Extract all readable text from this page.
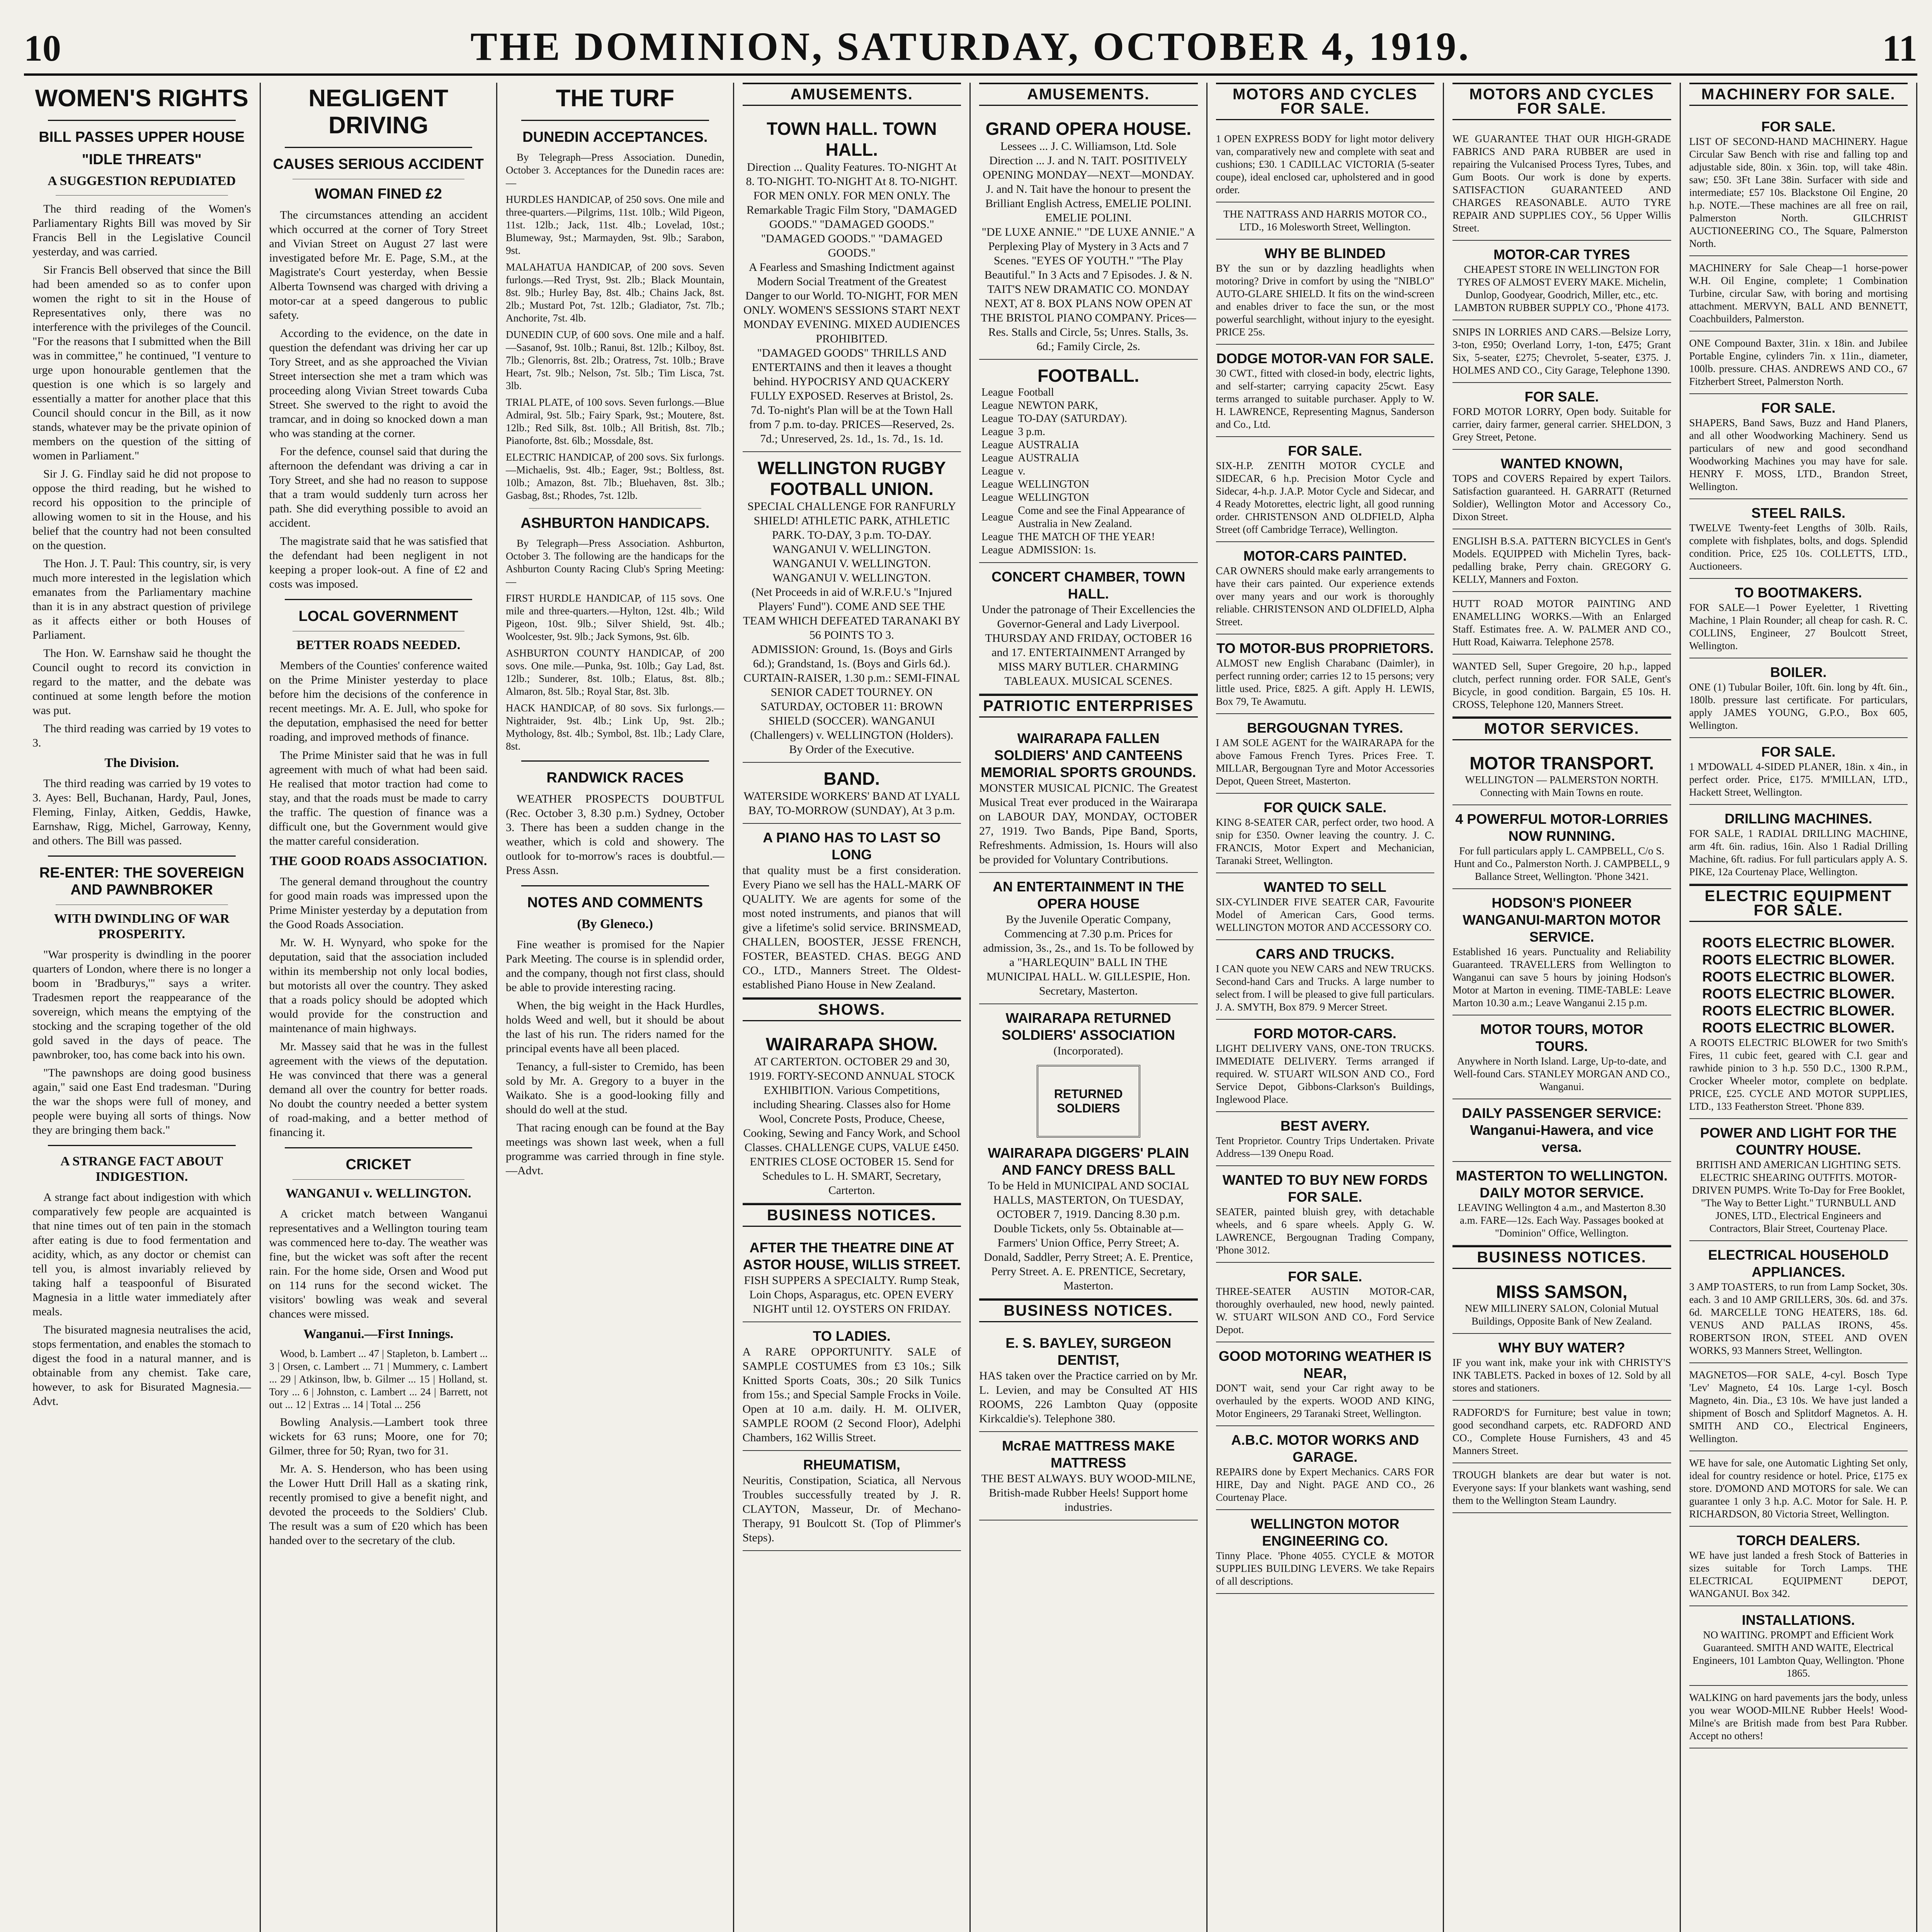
10	THE DOMINION, SATURDAY, OCTOBER 4, 1919.	11
WOMEN'S RIGHTS
BILL PASSES UPPER HOUSE
"IDLE THREATS"
A SUGGESTION REPUDIATED

The third reading of the Women's Parliamentary Rights Bill was moved by Sir Francis Bell in the Legislative Council yesterday, and was carried.

Sir Francis Bell observed that since the Bill had been amended so as to confer upon women the right to sit in the House of Representatives only, there was no interference with the privileges of the Council. "For the reasons that I submitted when the Bill was in committee," he continued, "I venture to urge upon honourable gentlemen that the question is one which is so largely and essentially a matter for another place that this Council should concur in the Bill, as it now stands, whatever may be the private opinion of members on the question of the sitting of women in Parliament."

Sir J. G. Findlay said he did not propose to oppose the third reading, but he wished to record his opposition to the principle of allowing women to sit in the House, and his belief that the country had not been consulted on the question.

The Hon. J. T. Paul: This country, sir, is very much more interested in the legislation which emanates from the Parliamentary machine than it is in any abstract question of privilege as it affects either or both Houses of Parliament.

The Hon. W. Earnshaw said he thought the Council ought to record its conviction in regard to the matter, and the debate was continued at some length before the motion was put.

The third reading was carried by 19 votes to 3.

The Division.

The third reading was carried by 19 votes to 3. Ayes: Bell, Buchanan, Hardy, Paul, Jones, Fleming, Finlay, Aitken, Geddis, Hawke, Earnshaw, Rigg, Michel, Garroway, Kenny, and others. The Bill was passed.

RE-ENTER: THE SOVEREIGN AND PAWNBROKER
WITH DWINDLING OF WAR PROSPERITY.

"War prosperity is dwindling in the poorer quarters of London, where there is no longer a boom in 'Bradburys,'" says a writer. Tradesmen report the reappearance of the sovereign, which means the emptying of the stocking and the scraping together of the old gold saved in the days of peace. The pawnbroker, too, has come back into his own.

"The pawnshops are doing good business again," said one East End tradesman. "During the war the shops were full of money, and people were buying all sorts of things. Now they are bringing them back."

A STRANGE FACT ABOUT INDIGESTION.

A strange fact about indigestion with which comparatively few people are acquainted is that nine times out of ten pain in the stomach after eating is due to food fermentation and acidity, which, as any doctor or chemist can tell you, is almost invariably relieved by taking half a teaspoonful of Bisurated Magnesia in a little water immediately after meals.

The bisurated magnesia neutralises the acid, stops fermentation, and enables the stomach to digest the food in a natural manner, and is obtainable from any chemist. Take care, however, to ask for Bisurated Magnesia.—Advt.

NEGLIGENT DRIVING
CAUSES SERIOUS ACCIDENT
WOMAN FINED £2

The circumstances attending an accident which occurred at the corner of Tory Street and Vivian Street on August 27 last were investigated before Mr. E. Page, S.M., at the Magistrate's Court yesterday, when Bessie Alberta Townsend was charged with driving a motor-car at a speed dangerous to public safety.

According to the evidence, on the date in question the defendant was driving her car up Tory Street, and as she approached the Vivian Street intersection she met a tram which was proceeding along Vivian Street towards Cuba Street. She swerved to the right to avoid the tramcar, and in doing so knocked down a man who was standing at the corner.

For the defence, counsel said that during the afternoon the defendant was driving a car in Tory Street, and she had no reason to suppose that a tram would suddenly turn across her path. She did everything possible to avoid an accident.

The magistrate said that he was satisfied that the defendant had been negligent in not keeping a proper look-out. A fine of £2 and costs was imposed.

LOCAL GOVERNMENT
BETTER ROADS NEEDED.

Members of the Counties' conference waited on the Prime Minister yesterday to place before him the decisions of the conference in recent meetings. Mr. A. E. Jull, who spoke for the deputation, emphasised the need for better roading, and improved methods of finance.

The Prime Minister said that he was in full agreement with much of what had been said. He realised that motor traction had come to stay, and that the roads must be made to carry the traffic. The question of finance was a difficult one, but the Government would give the matter careful consideration.

THE GOOD ROADS ASSOCIATION.

The general demand throughout the country for good main roads was impressed upon the Prime Minister yesterday by a deputation from the Good Roads Association.

Mr. W. H. Wynyard, who spoke for the deputation, said that the association included within its membership not only local bodies, but motorists all over the country. They asked that a roads policy should be adopted which would provide for the construction and maintenance of main highways.

Mr. Massey said that he was in the fullest agreement with the views of the deputation. He was convinced that there was a general demand all over the country for better roads. No doubt the country needed a better system of road-making, and a better method of financing it.

CRICKET
WANGANUI v. WELLINGTON.

A cricket match between Wanganui representatives and a Wellington touring team was commenced here to-day. The weather was fine, but the wicket was soft after the recent rain. For the home side, Orsen and Wood put on 114 runs for the second wicket. The visitors' bowling was weak and several chances were missed.

Wanganui.—First Innings.

Wood, b. Lambert ... 47 | Stapleton, b. Lambert ... 3 | Orsen, c. Lambert ... 71 | Mummery, c. Lambert ... 29 | Atkinson, lbw, b. Gilmer ... 15 | Holland, st. Tory ... 6 | Johnston, c. Lambert ... 24 | Barrett, not out ... 12 | Extras ... 14 | Total ... 256

Bowling Analysis.—Lambert took three wickets for 63 runs; Moore, one for 70; Gilmer, three for 50; Ryan, two for 31.

Mr. A. S. Henderson, who has been using the Lower Hutt Drill Hall as a skating rink, recently promised to give a benefit night, and devoted the proceeds to the Soldiers' Club. The result was a sum of £20 which has been handed over to the secretary of the club.

THE TURF
DUNEDIN ACCEPTANCES.

By Telegraph—Press Association. Dunedin, October 3. Acceptances for the Dunedin races are:—

HURDLES HANDICAP, of 250 sovs. One mile and three-quarters.—Pilgrims, 11st. 10lb.; Wild Pigeon, 11st. 12lb.; Jack, 11st. 4lb.; Lovelad, 10st.; Blumeway, 9st.; Marmayden, 9st. 9lb.; Sarabon, 9st.
MALAHATUA HANDICAP, of 200 sovs. Seven furlongs.—Red Tryst, 9st. 2lb.; Black Mountain, 8st. 9lb.; Hurley Bay, 8st. 4lb.; Chains Jack, 8st. 2lb.; Mustard Pot, 7st. 12lb.; Gladiator, 7st. 7lb.; Anchorite, 7st. 4lb.
DUNEDIN CUP, of 600 sovs. One mile and a half.—Sasanof, 9st. 10lb.; Ranui, 8st. 12lb.; Kilboy, 8st. 7lb.; Glenorris, 8st. 2lb.; Oratress, 7st. 10lb.; Brave Heart, 7st. 9lb.; Nelson, 7st. 5lb.; Tim Lisca, 7st. 3lb.
TRIAL PLATE, of 100 sovs. Seven furlongs.—Blue Admiral, 9st. 5lb.; Fairy Spark, 9st.; Moutere, 8st. 12lb.; Red Silk, 8st. 10lb.; All British, 8st. 7lb.; Pianoforte, 8st. 6lb.; Mossdale, 8st.
ELECTRIC HANDICAP, of 200 sovs. Six furlongs.—Michaelis, 9st. 4lb.; Eager, 9st.; Boltless, 8st. 10lb.; Amazon, 8st. 7lb.; Bluehaven, 8st. 3lb.; Gasbag, 8st.; Rhodes, 7st. 12lb.
ASHBURTON HANDICAPS.

By Telegraph—Press Association. Ashburton, October 3. The following are the handicaps for the Ashburton County Racing Club's Spring Meeting:—

FIRST HURDLE HANDICAP, of 115 sovs. One mile and three-quarters.—Hylton, 12st. 4lb.; Wild Pigeon, 10st. 9lb.; Silver Shield, 9st. 4lb.; Woolcester, 9st. 9lb.; Jack Symons, 9st. 6lb.
ASHBURTON COUNTY HANDICAP, of 200 sovs. One mile.—Punka, 9st. 10lb.; Gay Lad, 8st. 12lb.; Sunderer, 8st. 10lb.; Elatus, 8st. 8lb.; Almaron, 8st. 5lb.; Royal Star, 8st. 3lb.
HACK HANDICAP, of 80 sovs. Six furlongs.—Nightraider, 9st. 4lb.; Link Up, 9st. 2lb.; Mythology, 8st. 4lb.; Symbol, 8st. 1lb.; Lady Clare, 8st.
RANDWICK RACES

WEATHER PROSPECTS DOUBTFUL (Rec. October 3, 8.30 p.m.) Sydney, October 3. There has been a sudden change in the weather, which is cold and showery. The outlook for to-morrow's races is doubtful.—Press Assn.

NOTES AND COMMENTS
(By Gleneco.)

Fine weather is promised for the Napier Park Meeting. The course is in splendid order, and the company, though not first class, should be able to provide interesting racing.

When, the big weight in the Hack Hurdles, holds Weed and well, but it should be about the last of his run. The riders named for the principal events have all been placed.

Tenancy, a full-sister to Cremido, has been sold by Mr. A. Gregory to a buyer in the Waikato. She is a good-looking filly and should do well at the stud.

That racing enough can be found at the Bay meetings was shown last week, when a full programme was carried through in fine style.—Advt.

AMUSEMENTS.
TOWN HALL. TOWN HALL.
Direction ... Quality Features. TO-NIGHT At 8. TO-NIGHT. TO-NIGHT At 8. TO-NIGHT. FOR MEN ONLY. FOR MEN ONLY. The Remarkable Tragic Film Story, "DAMAGED GOODS." "DAMAGED GOODS." "DAMAGED GOODS." "DAMAGED GOODS."
A Fearless and Smashing Indictment against Modern Social Treatment of the Greatest Danger to our World. TO-NIGHT, FOR MEN ONLY. WOMEN'S SESSIONS START NEXT MONDAY EVENING. MIXED AUDIENCES PROHIBITED.
"DAMAGED GOODS" THRILLS AND ENTERTAINS and then it leaves a thought behind. HYPOCRISY AND QUACKERY FULLY EXPOSED. Reserves at Bristol, 2s. 7d. To-night's Plan will be at the Town Hall from 7 p.m. to-day. PRICES—Reserved, 2s. 7d.; Unreserved, 2s. 1d., 1s. 7d., 1s. 1d.
WELLINGTON RUGBY FOOTBALL UNION.
SPECIAL CHALLENGE FOR RANFURLY SHIELD! ATHLETIC PARK, ATHLETIC PARK. TO-DAY, 3 p.m. TO-DAY. WANGANUI V. WELLINGTON. WANGANUI V. WELLINGTON. WANGANUI V. WELLINGTON.
(Net Proceeds in aid of W.R.F.U.'s "Injured Players' Fund"). COME AND SEE THE TEAM WHICH DEFEATED TARANAKI BY 56 POINTS TO 3.
ADMISSION: Ground, 1s. (Boys and Girls 6d.); Grandstand, 1s. (Boys and Girls 6d.). CURTAIN-RAISER, 1.30 p.m.: SEMI-FINAL SENIOR CADET TOURNEY. ON SATURDAY, OCTOBER 11: BROWN SHIELD (SOCCER). WANGANUI (Challengers) v. WELLINGTON (Holders). By Order of the Executive.
BAND.
WATERSIDE WORKERS' BAND AT LYALL BAY, TO-MORROW (SUNDAY), At 3 p.m.
A PIANO HAS TO LAST SO LONG
that quality must be a first consideration. Every Piano we sell has the HALL-MARK OF QUALITY. We are agents for some of the most noted instruments, and pianos that will give a lifetime's solid service. BRINSMEAD, CHALLEN, BOOSTER, JESSE FRENCH, FOSTER, BEASTED. CHAS. BEGG AND CO., LTD., Manners Street. The Oldest-established Piano House in New Zealand.
SHOWS.
WAIRARAPA SHOW.
AT CARTERTON. OCTOBER 29 and 30, 1919. FORTY-SECOND ANNUAL STOCK EXHIBITION. Various Competitions, including Shearing. Classes also for Home Wool, Concrete Posts, Produce, Cheese, Cooking, Sewing and Fancy Work, and School Classes. CHALLENGE CUPS, VALUE £450. ENTRIES CLOSE OCTOBER 15. Send for Schedules to L. H. SMART, Secretary, Carterton.
BUSINESS NOTICES.
AFTER THE THEATRE DINE AT ASTOR HOUSE, WILLIS STREET.
FISH SUPPERS A SPECIALTY. Rump Steak, Loin Chops, Asparagus, etc. OPEN EVERY NIGHT until 12. OYSTERS ON FRIDAY.
TO LADIES.
A RARE OPPORTUNITY. SALE of SAMPLE COSTUMES from £3 10s.; Silk Knitted Sports Coats, 30s.; 20 Silk Tunics from 15s.; and Special Sample Frocks in Voile. Open at 10 a.m. daily. H. M. OLIVER, SAMPLE ROOM (2 Second Floor), Adelphi Chambers, 162 Willis Street.
RHEUMATISM,
Neuritis, Constipation, Sciatica, all Nervous Troubles successfully treated by J. R. CLAYTON, Masseur, Dr. of Mechano-Therapy, 91 Boulcott St. (Top of Plimmer's Steps).
AMUSEMENTS.
GRAND OPERA HOUSE.
Lessees ... J. C. Williamson, Ltd. Sole Direction ... J. and N. TAIT. POSITIVELY OPENING MONDAY—NEXT—MONDAY. J. and N. Tait have the honour to present the Brilliant English Actress, EMELIE POLINI. EMELIE POLINI.
"DE LUXE ANNIE." "DE LUXE ANNIE." A Perplexing Play of Mystery in 3 Acts and 7 Scenes. "EYES OF YOUTH." "The Play Beautiful." In 3 Acts and 7 Episodes. J. & N. TAIT'S NEW DRAMATIC CO. MONDAY NEXT, AT 8. BOX PLANS NOW OPEN AT THE BRISTOL PIANO COMPANY. Prices—Res. Stalls and Circle, 5s; Unres. Stalls, 3s. 6d.; Family Circle, 2s.
FOOTBALL.
League	Football
League	NEWTON PARK,
League	TO-DAY (SATURDAY).
League	3 p.m.
League	AUSTRALIA
League	AUSTRALIA
League	v.
League	WELLINGTON
League	WELLINGTON
League	Come and see the Final Appearance of Australia in New Zealand.
League	THE MATCH OF THE YEAR!
League	ADMISSION: 1s.
CONCERT CHAMBER, TOWN HALL.
Under the patronage of Their Excellencies the Governor-General and Lady Liverpool. THURSDAY AND FRIDAY, OCTOBER 16 and 17. ENTERTAINMENT Arranged by MISS MARY BUTLER. CHARMING TABLEAUX. MUSICAL SCENES.
PATRIOTIC ENTERPRISES
WAIRARAPA FALLEN SOLDIERS' AND CANTEENS MEMORIAL SPORTS GROUNDS.
MONSTER MUSICAL PICNIC. The Greatest Musical Treat ever produced in the Wairarapa on LABOUR DAY, MONDAY, OCTOBER 27, 1919. Two Bands, Pipe Band, Sports, Refreshments. Admission, 1s. Hours will also be provided for Voluntary Contributions.
AN ENTERTAINMENT IN THE OPERA HOUSE
By the Juvenile Operatic Company, Commencing at 7.30 p.m. Prices for admission, 3s., 2s., and 1s. To be followed by a "HARLEQUIN" BALL IN THE MUNICIPAL HALL. W. GILLESPIE, Hon. Secretary, Masterton.
WAIRARAPA RETURNED SOLDIERS' ASSOCIATION
(Incorporated).
RETURNED SOLDIERS
WAIRARAPA DIGGERS' PLAIN AND FANCY DRESS BALL
To be Held in MUNICIPAL AND SOCIAL HALLS, MASTERTON, On TUESDAY, OCTOBER 7, 1919. Dancing 8.30 p.m. Double Tickets, only 5s. Obtainable at—Farmers' Union Office, Perry Street; A. Donald, Saddler, Perry Street; A. E. Prentice, Perry Street. A. E. PRENTICE, Secretary, Masterton.
BUSINESS NOTICES.
E. S. BAYLEY, SURGEON DENTIST,
HAS taken over the Practice carried on by Mr. L. Levien, and may be Consulted AT HIS ROOMS, 226 Lambton Quay (opposite Kirkcaldie's). Telephone 380.
McRAE MATTRESS MAKE MATTRESS
THE BEST ALWAYS. BUY WOOD-MILNE, British-made Rubber Heels! Support home industries.
MOTORS AND CYCLES FOR SALE.
1 OPEN EXPRESS BODY for light motor delivery van, comparatively new and complete with seat and cushions; £30. 1 CADILLAC VICTORIA (5-seater coupe), ideal enclosed car, upholstered and in good order.
THE NATTRASS AND HARRIS MOTOR CO., LTD., 16 Molesworth Street, Wellington.
WHY BE BLINDED
BY the sun or by dazzling headlights when motoring? Drive in comfort by using the "NIBLO" AUTO-GLARE SHIELD. It fits on the wind-screen and enables driver to face the sun, or the most powerful searchlight, without injury to the eyesight. PRICE 25s.
DODGE MOTOR-VAN FOR SALE.
30 CWT., fitted with closed-in body, electric lights, and self-starter; carrying capacity 25cwt. Easy terms arranged to suitable purchaser. Apply to W. H. LAWRENCE, Representing Magnus, Sanderson and Co., Ltd.
FOR SALE.
SIX-H.P. ZENITH MOTOR CYCLE and SIDECAR, 6 h.p. Precision Motor Cycle and Sidecar, 4-h.p. J.A.P. Motor Cycle and Sidecar, and 4 Ready Motorettes, electric light, all good running order. CHRISTENSON AND OLDFIELD, Alpha Street (off Cambridge Terrace), Wellington.
MOTOR-CARS PAINTED.
CAR OWNERS should make early arrangements to have their cars painted. Our experience extends over many years and our work is thoroughly reliable. CHRISTENSON AND OLDFIELD, Alpha Street.
TO MOTOR-BUS PROPRIETORS.
ALMOST new English Charabanc (Daimler), in perfect running order; carries 12 to 15 persons; very little used. Price, £825. A gift. Apply H. LEWIS, Box 79, Te Awamutu.
BERGOUGNAN TYRES.
I AM SOLE AGENT for the WAIRARAPA for the above Famous French Tyres. Prices Free. T. MILLAR, Bergougnan Tyre and Motor Accessories Depot, Queen Street, Masterton.
FOR QUICK SALE.
KING 8-SEATER CAR, perfect order, two hood. A snip for £350. Owner leaving the country. J. C. FRANCIS, Motor Expert and Mechanician, Taranaki Street, Wellington.
WANTED TO SELL
SIX-CYLINDER FIVE SEATER CAR, Favourite Model of American Cars, Good terms. WELLINGTON MOTOR AND ACCESSORY CO.
CARS AND TRUCKS.
I CAN quote you NEW CARS and NEW TRUCKS. Second-hand Cars and Trucks. A large number to select from. I will be pleased to give full particulars. J. A. SMYTH, Box 879. 9 Mercer Street.
FORD MOTOR-CARS.
LIGHT DELIVERY VANS, ONE-TON TRUCKS. IMMEDIATE DELIVERY. Terms arranged if required. W. STUART WILSON AND CO., Ford Service Depot, Gibbons-Clarkson's Buildings, Inglewood Place.
BEST AVERY.
Tent Proprietor. Country Trips Undertaken. Private Address—139 Onepu Road.
WANTED TO BUY NEW FORDS FOR SALE.
SEATER, painted bluish grey, with detachable wheels, and 6 spare wheels. Apply G. W. LAWRENCE, Bergougnan Trading Company, 'Phone 3012.
FOR SALE.
THREE-SEATER AUSTIN MOTOR-CAR, thoroughly overhauled, new hood, newly painted. W. STUART WILSON AND CO., Ford Service Depot.
GOOD MOTORING WEATHER IS NEAR,
DON'T wait, send your Car right away to be overhauled by the experts. WOOD AND KING, Motor Engineers, 29 Taranaki Street, Wellington.
A.B.C. MOTOR WORKS AND GARAGE.
REPAIRS done by Expert Mechanics. CARS FOR HIRE, Day and Night. PAGE AND CO., 26 Courtenay Place.
WELLINGTON MOTOR ENGINEERING CO.
Tinny Place. 'Phone 4055. CYCLE & MOTOR SUPPLIES BUILDING LEVERS. We take Repairs of all descriptions.
MOTORS AND CYCLES FOR SALE.
WE GUARANTEE THAT OUR HIGH-GRADE FABRICS AND PARA RUBBER are used in repairing the Vulcanised Process Tyres, Tubes, and Gum Boots. Our work is done by experts. SATISFACTION GUARANTEED AND CHARGES REASONABLE. AUTO TYRE REPAIR AND SUPPLIES COY., 56 Upper Willis Street.
MOTOR-CAR TYRES
CHEAPEST STORE IN WELLINGTON FOR TYRES OF ALMOST EVERY MAKE. Michelin, Dunlop, Goodyear, Goodrich, Miller, etc., etc. LAMBTON RUBBER SUPPLY CO., 'Phone 4173.
SNIPS IN LORRIES AND CARS.—Belsize Lorry, 3-ton, £950; Overland Lorry, 1-ton, £475; Grant Six, 5-seater, £275; Chevrolet, 5-seater, £375. J. HOLMES AND CO., City Garage, Telephone 1390.
FOR SALE.
FORD MOTOR LORRY, Open body. Suitable for carrier, dairy farmer, general carrier. SHELDON, 3 Grey Street, Petone.
WANTED KNOWN,
TOPS and COVERS Repaired by expert Tailors. Satisfaction guaranteed. H. GARRATT (Returned Soldier), Wellington Motor and Accessory Co., Dixon Street.
ENGLISH B.S.A. PATTERN BICYCLES in Gent's Models. EQUIPPED with Michelin Tyres, back-pedalling brake, Perry chain. GREGORY G. KELLY, Manners and Foxton.
HUTT ROAD MOTOR PAINTING AND ENAMELLING WORKS.—With an Enlarged Staff. Estimates free. A. W. PALMER AND CO., Hutt Road, Kaiwarra. Telephone 2578.
WANTED Sell, Super Gregoire, 20 h.p., lapped clutch, perfect running order. FOR SALE, Gent's Bicycle, in good condition. Bargain, £5 10s. H. CROSS, Telephone 120, Manners Street.
MOTOR SERVICES.
MOTOR TRANSPORT.
WELLINGTON — PALMERSTON NORTH. Connecting with Main Towns en route.
4 POWERFUL MOTOR-LORRIES NOW RUNNING.
For full particulars apply L. CAMPBELL, C/o S. Hunt and Co., Palmerston North. J. CAMPBELL, 9 Ballance Street, Wellington. 'Phone 3421.
HODSON'S PIONEER WANGANUI-MARTON MOTOR SERVICE.
Established 16 years. Punctuality and Reliability Guaranteed. TRAVELLERS from Wellington to Wanganui can save 5 hours by joining Hodson's Motor at Marton in evening. TIME-TABLE: Leave Marton 10.30 a.m.; Leave Wanganui 2.15 p.m.
MOTOR TOURS, MOTOR TOURS.
Anywhere in North Island. Large, Up-to-date, and Well-found Cars. STANLEY MORGAN AND CO., Wanganui.
DAILY PASSENGER SERVICE: Wanganui-Hawera, and vice versa.
MASTERTON TO WELLINGTON. DAILY MOTOR SERVICE.
LEAVING Wellington 4 a.m., and Masterton 8.30 a.m. FARE—12s. Each Way. Passages booked at "Dominion" Office, Wellington.
BUSINESS NOTICES.
MISS SAMSON,
NEW MILLINERY SALON, Colonial Mutual Buildings, Opposite Bank of New Zealand.
WHY BUY WATER?
IF you want ink, make your ink with CHRISTY'S INK TABLETS. Packed in boxes of 12. Sold by all stores and stationers.
RADFORD'S for Furniture; best value in town; good secondhand carpets, etc. RADFORD AND CO., Complete House Furnishers, 43 and 45 Manners Street.
TROUGH blankets are dear but water is not. Everyone says: If your blankets want washing, send them to the Wellington Steam Laundry.
MACHINERY FOR SALE.
FOR SALE.
LIST OF SECOND-HAND MACHINERY. Hague Circular Saw Bench with rise and falling top and adjustable side, 80in. x 36in. top, will take 48in. saw; £50. 3Ft Lane 38in. Surfacer with side and intermediate; £57 10s. Blackstone Oil Engine, 20 h.p. NOTE.—These machines are all free on rail, Palmerston North. GILCHRIST AUCTIONEERING CO., The Square, Palmerston North.
MACHINERY for Sale Cheap—1 horse-power W.H. Oil Engine, complete; 1 Combination Turbine, circular Saw, with boring and mortising attachment. MERVYN, BALL AND BENNETT, Coachbuilders, Palmerston.
ONE Compound Baxter, 31in. x 18in. and Jubilee Portable Engine, cylinders 7in. x 11in., diameter, 100lb. pressure. CHAS. ANDREWS AND CO., 67 Fitzherbert Street, Palmerston North.
FOR SALE.
SHAPERS, Band Saws, Buzz and Hand Planers, and all other Woodworking Machinery. Send us particulars of new and good secondhand Woodworking Machines you may have for sale. HENRY F. MOSS, LTD., Brandon Street, Wellington.
STEEL RAILS.
TWELVE Twenty-feet Lengths of 30lb. Rails, complete with fishplates, bolts, and dogs. Splendid condition. Price, £25 10s. COLLETTS, LTD., Auctioneers.
TO BOOTMAKERS.
FOR SALE—1 Power Eyeletter, 1 Rivetting Machine, 1 Plain Rounder; all cheap for cash. R. C. COLLINS, Engineer, 27 Boulcott Street, Wellington.
BOILER.
ONE (1) Tubular Boiler, 10ft. 6in. long by 4ft. 6in., 180lb. pressure last certificate. For particulars, apply JAMES YOUNG, G.P.O., Box 605, Wellington.
FOR SALE.
1 M'DOWALL 4-SIDED PLANER, 18in. x 4in., in perfect order. Price, £175. M'MILLAN, LTD., Hackett Street, Wellington.
DRILLING MACHINES.
FOR SALE, 1 RADIAL DRILLING MACHINE, arm 4ft. 6in. radius, 16in. Also 1 Radial Drilling Machine, 6ft. radius. For full particulars apply A. S. PIKE, 12a Courtenay Place, Wellington.
ELECTRIC EQUIPMENT FOR SALE.
ROOTS ELECTRIC BLOWER.
ROOTS ELECTRIC BLOWER.
ROOTS ELECTRIC BLOWER.
ROOTS ELECTRIC BLOWER.
ROOTS ELECTRIC BLOWER.
ROOTS ELECTRIC BLOWER.
A ROOTS ELECTRIC BLOWER for two Smith's Fires, 11 cubic feet, geared with C.I. gear and rawhide pinion to 3 h.p. 550 D.C., 1300 R.P.M., Crocker Wheeler motor, complete on bedplate. PRICE, £25. CYCLE AND MOTOR SUPPLIES, LTD., 133 Featherston Street. 'Phone 839.
POWER AND LIGHT FOR THE COUNTRY HOUSE.
BRITISH AND AMERICAN LIGHTING SETS. ELECTRIC SHEARING OUTFITS. MOTOR-DRIVEN PUMPS. Write To-Day for Free Booklet, "The Way to Better Light." TURNBULL AND JONES, LTD., Electrical Engineers and Contractors, Blair Street, Courtenay Place.
ELECTRICAL HOUSEHOLD APPLIANCES.
3 AMP TOASTERS, to run from Lamp Socket, 30s. each. 3 and 10 AMP GRILLERS, 30s. 6d. and 37s. 6d. MARCELLE TONG HEATERS, 18s. 6d. VENUS AND PALLAS IRONS, 45s. ROBERTSON IRON, STEEL AND OVEN WORKS, 93 Manners Street, Wellington.
MAGNETOS—FOR SALE, 4-cyl. Bosch Type 'Lev' Magneto, £4 10s. Large 1-cyl. Bosch Magneto, 4in. Dia., £3 10s. We have just landed a shipment of Bosch and Splitdorf Magnetos. A. H. SMITH AND CO., Electrical Engineers, Wellington.
WE have for sale, one Automatic Lighting Set only, ideal for country residence or hotel. Price, £175 ex store. D'OMOND AND MOTORS for sale. We can guarantee 1 only 3 h.p. A.C. Motor for Sale. H. P. RICHARDSON, 80 Victoria Street, Wellington.
TORCH DEALERS.
WE have just landed a fresh Stock of Batteries in sizes suitable for Torch Lamps. THE ELECTRICAL EQUIPMENT DEPOT, WANGANUI. Box 342.
INSTALLATIONS.
NO WAITING. PROMPT and Efficient Work Guaranteed. SMITH AND WAITE, Electrical Engineers, 101 Lambton Quay, Wellington. 'Phone 1865.
WALKING on hard pavements jars the body, unless you wear WOOD-MILNE Rubber Heels! Wood-Milne's are British made from best Para Rubber. Accept no others!
